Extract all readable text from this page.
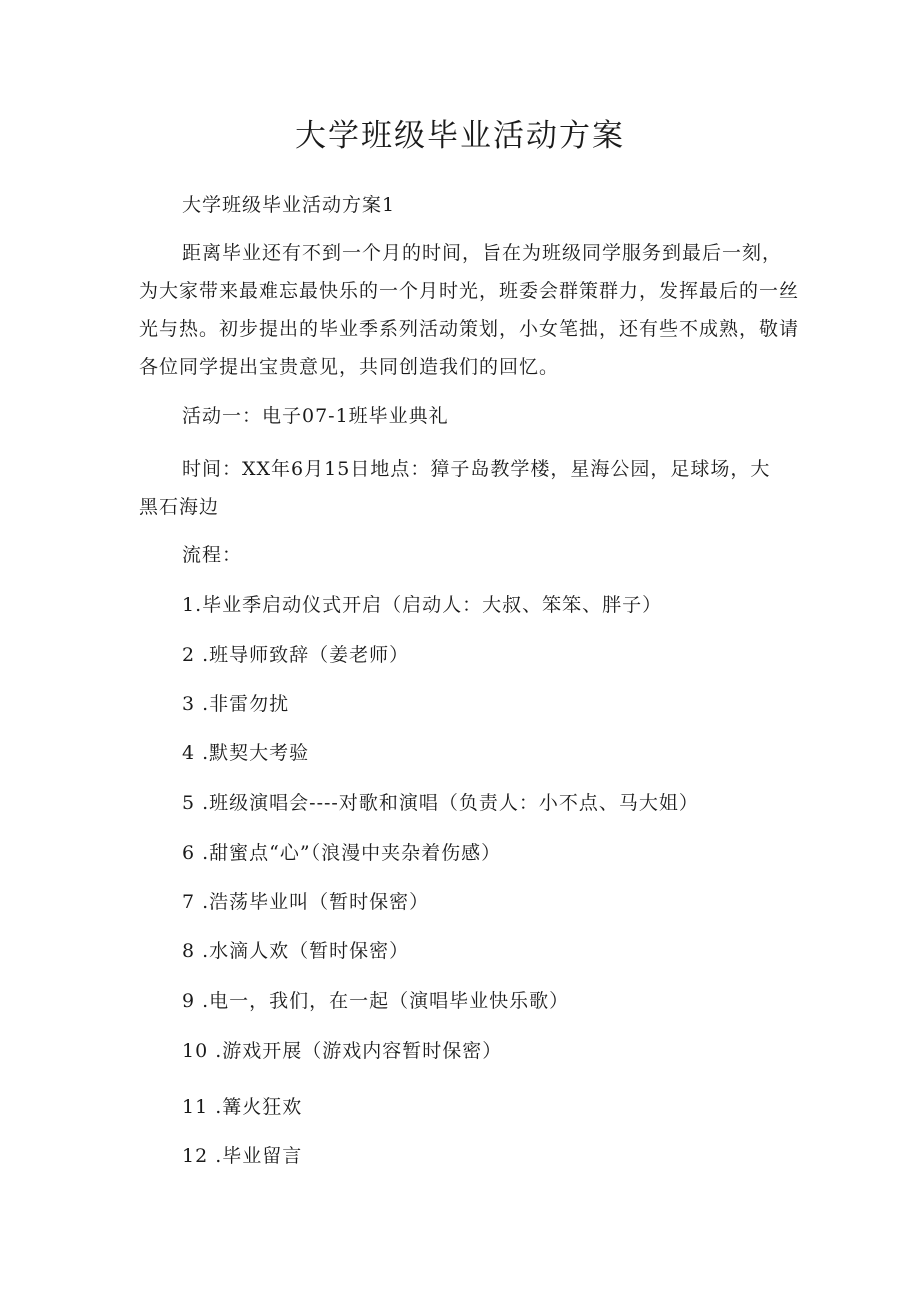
大学班级毕业活动方案

大学班级毕业活动方案1

距离毕业还有不到一个月的时间，旨在为班级同学服务到最后一刻，
为大家带来最难忘最快乐的一个月时光，班委会群策群力，发挥最后的一丝
光与热。初步提出的毕业季系列活动策划，小女笔拙，还有些不成熟，敬请
各位同学提出宝贵意见，共同创造我们的回忆。

活动一：电子07-1班毕业典礼

时间：XX年6月15日地点：獐子岛教学楼，星海公园，足球场，大
黑石海边

流程：

1.毕业季启动仪式开启（启动人：大叔、笨笨、胖子）

2 .班导师致辞（姜老师）

3 .非雷勿扰

4 .默契大考验

5 .班级演唱会----对歌和演唱（负责人：小不点、马大姐）

6 .甜蜜点“心”（浪漫中夹杂着伤感）

7 .浩荡毕业叫（暂时保密）

8 .水滴人欢（暂时保密）

9 .电一，我们，在一起（演唱毕业快乐歌）

10 .游戏开展（游戏内容暂时保密）

11 .篝火狂欢

12 .毕业留言
